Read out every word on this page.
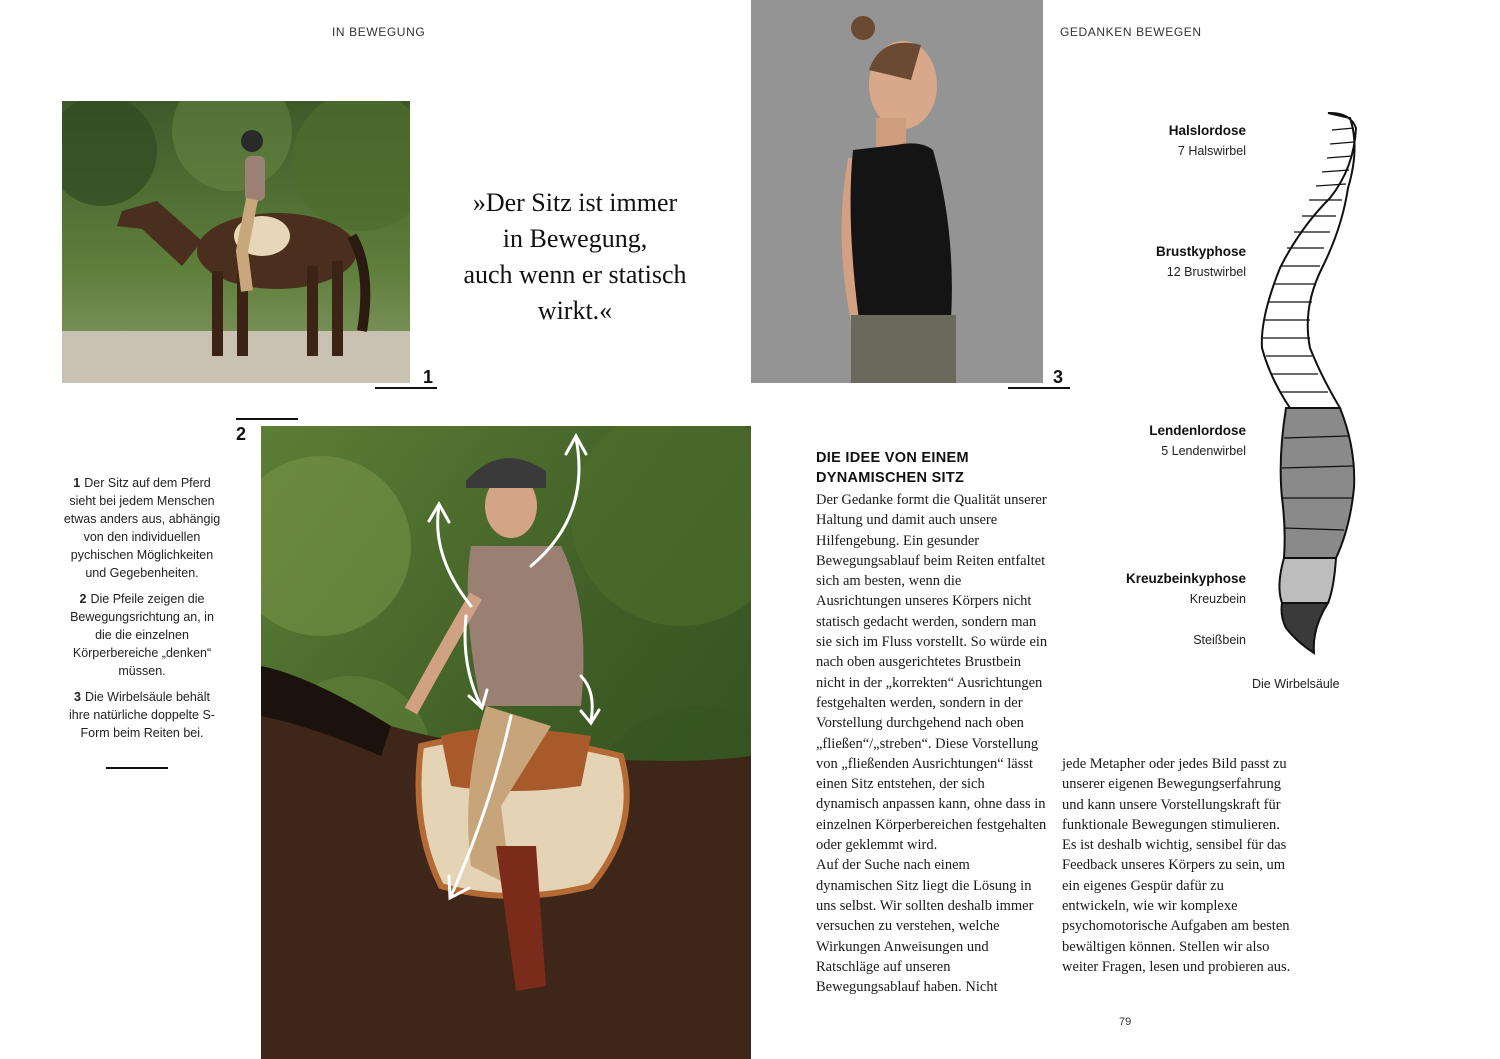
IN BEWEGUNG	GEDANKEN BEWEGEN
1
»Der Sitz ist immer
in Bewegung,
auch wenn er statisch
wirkt.«
3
2

1 Der Sitz auf dem Pferd sieht bei jedem Menschen etwas anders aus, abhängig von den individuellen pychischen Möglichkeiten und Gegebenheiten.

2 Die Pfeile zeigen die Bewegungsrichtung an, in die die einzelnen Körperbereiche „denken“ müssen.

3 Die Wirbelsäule behält ihre natürliche doppelte S-Form beim Reiten bei.

DIE IDEE VON EINEM
DYNAMISCHEN SITZ
Der Gedanke formt die Qualität unserer Haltung und damit auch unsere Hilfengebung. Ein gesunder Bewegungsablauf beim Reiten entfaltet sich am besten, wenn die Ausrichtungen unseres Körpers nicht statisch gedacht werden, sondern man sie sich im Fluss vorstellt. So würde ein nach oben ausgerichtetes Brustbein nicht in der „korrekten“ Ausrichtungen festgehalten werden, sondern in der Vorstellung durchgehend nach oben „fließen“/„streben“. Diese Vorstellung von „fließenden Ausrichtungen“ lässt einen Sitz entstehen, der sich dynamisch anpassen kann, ohne dass in einzelnen Körperbereichen festgehalten oder geklemmt wird.
Auf der Suche nach einem dynamischen Sitz liegt die Lösung in uns selbst. Wir sollten deshalb immer versuchen zu verstehen, welche Wirkungen Anweisungen und Ratschläge auf unseren Bewegungsablauf haben. Nicht
jede Metapher oder jedes Bild passt zu unserer eigenen Bewegungserfahrung und kann unsere Vorstellungskraft für funktionale Bewegungen stimulieren. Es ist deshalb wichtig, sensibel für das Feedback unseres Körpers zu sein, um ein eigenes Gespür dafür zu entwickeln, wie wir komplexe psychomotorische Aufgaben am besten bewältigen können. Stellen wir also weiter Fragen, lesen und probieren aus.
Halslordose
7 Halswirbel
Brustkyphose
12 Brustwirbel
Lendenlordose
5 Lendenwirbel
Kreuzbeinkyphose
Kreuzbein
Steißbein
Die Wirbelsäule
79
